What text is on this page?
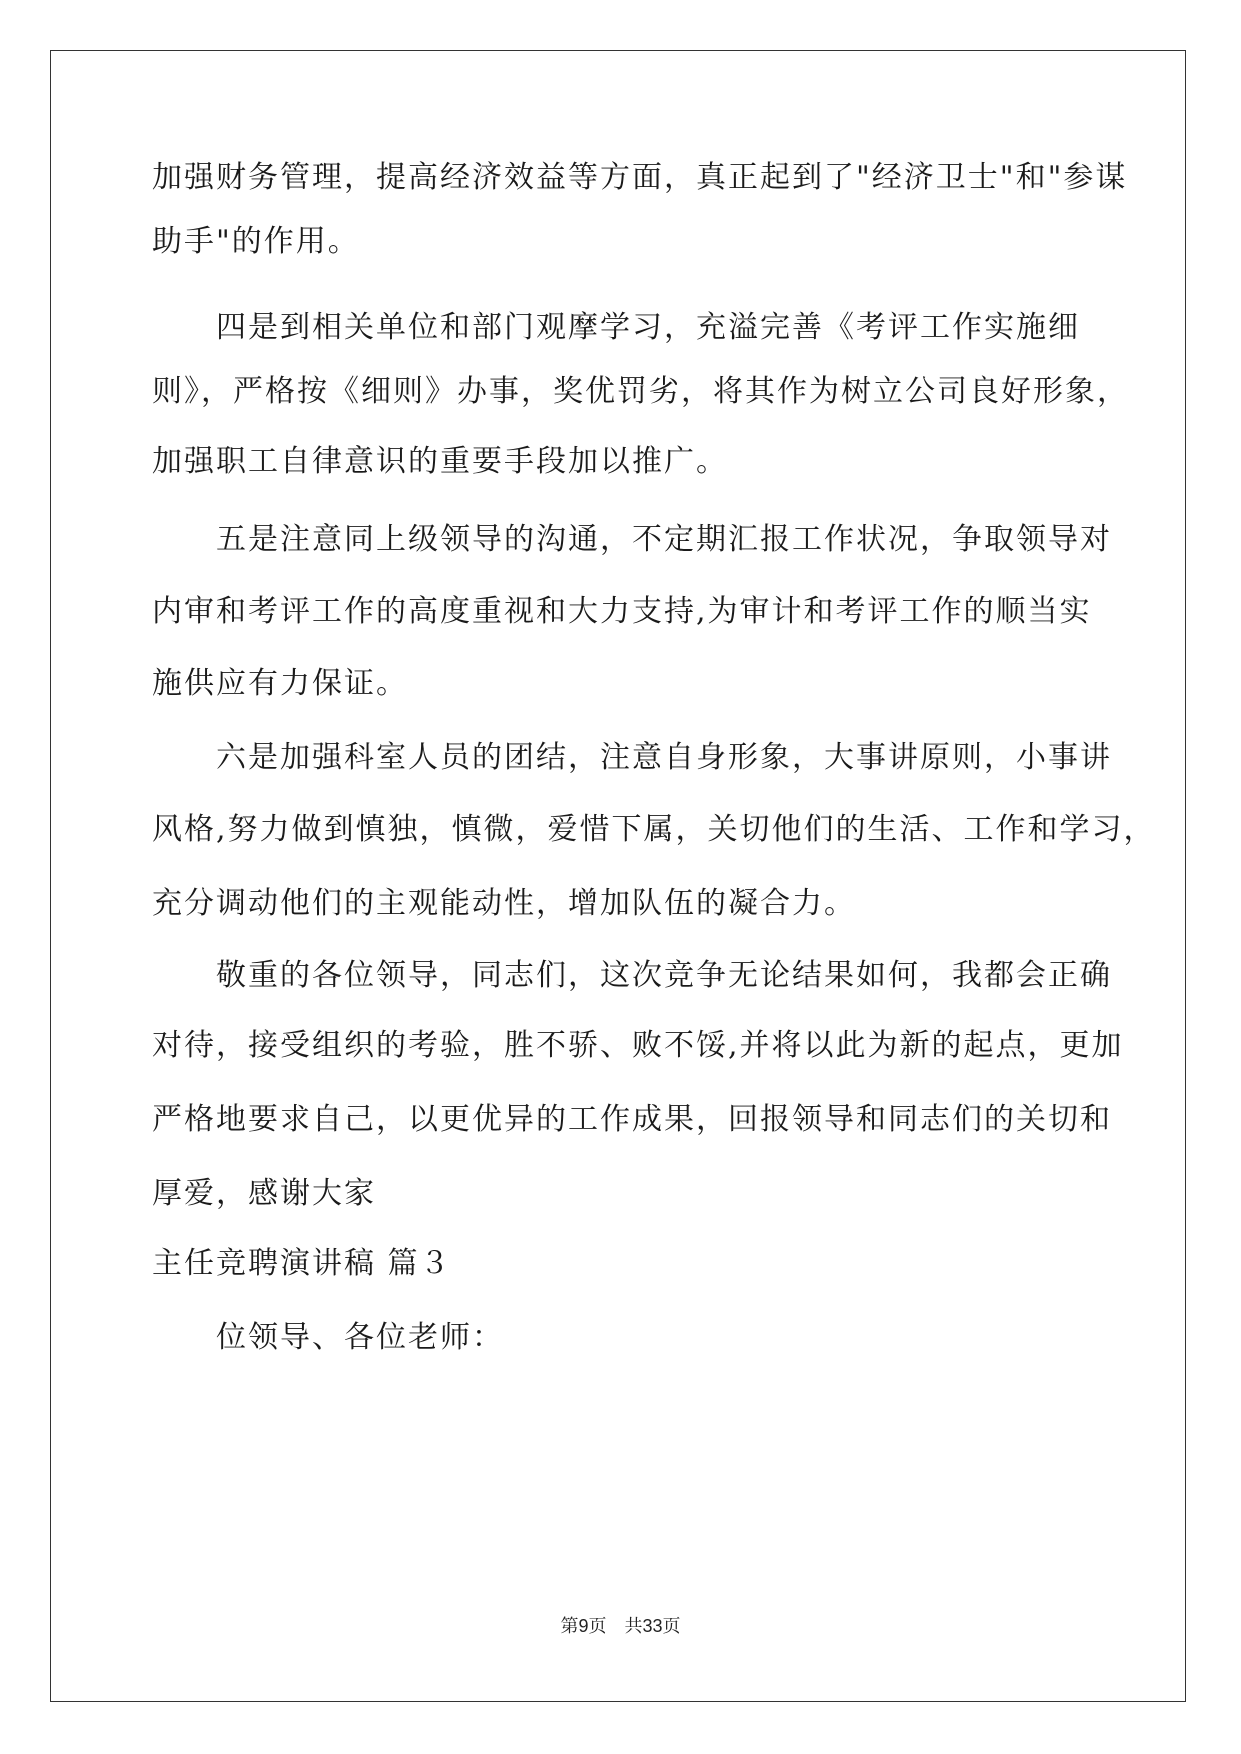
加强财务管理，提高经济效益等方面，真正起到了"经济卫士"和"参谋
助手"的作用。
四是到相关单位和部门观摩学习，充溢完善《考评工作实施细
则》，严格按《细则》办事，奖优罚劣，将其作为树立公司良好形象，
加强职工自律意识的重要手段加以推广。
五是注意同上级领导的沟通，不定期汇报工作状况，争取领导对
内审和考评工作的高度重视和大力支持,为审计和考评工作的顺当实
施供应有力保证。
六是加强科室人员的团结，注意自身形象，大事讲原则，小事讲
风格,努力做到慎独，慎微，爱惜下属，关切他们的生活、工作和学习，
充分调动他们的主观能动性，增加队伍的凝合力。
敬重的各位领导，同志们，这次竞争无论结果如何，我都会正确
对待，接受组织的考验，胜不骄、败不馁,并将以此为新的起点，更加
严格地要求自己，以更优异的工作成果，回报领导和同志们的关切和
厚爱，感谢大家
主任竞聘演讲稿 篇３
位领导、各位老师：
第9页　共33页
